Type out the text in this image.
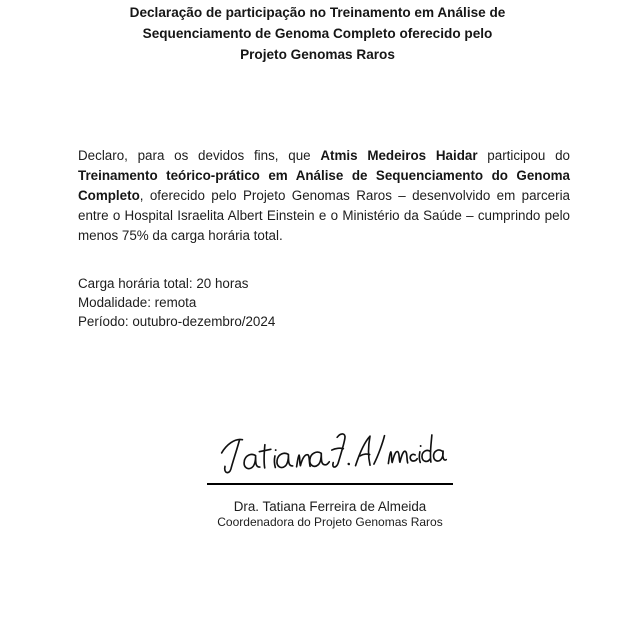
Declaração de participação no Treinamento em Análise de
Sequenciamento de Genoma Completo oferecido pelo
Projeto Genomas Raros

Declaro, para os devidos fins, que Atmis Medeiros Haidar participou do Treinamento teórico-prático em Análise de Sequenciamento do Genoma Completo, oferecido pelo Projeto Genomas Raros – desenvolvido em parceria entre o Hospital Israelita Albert Einstein e o Ministério da Saúde – cumprindo pelo menos 75% da carga horária total.

Carga horária total: 20 horas
Modalidade: remota
Período: outubro-dezembro/2024
Dra. Tatiana Ferreira de Almeida
Coordenadora do Projeto Genomas Raros
